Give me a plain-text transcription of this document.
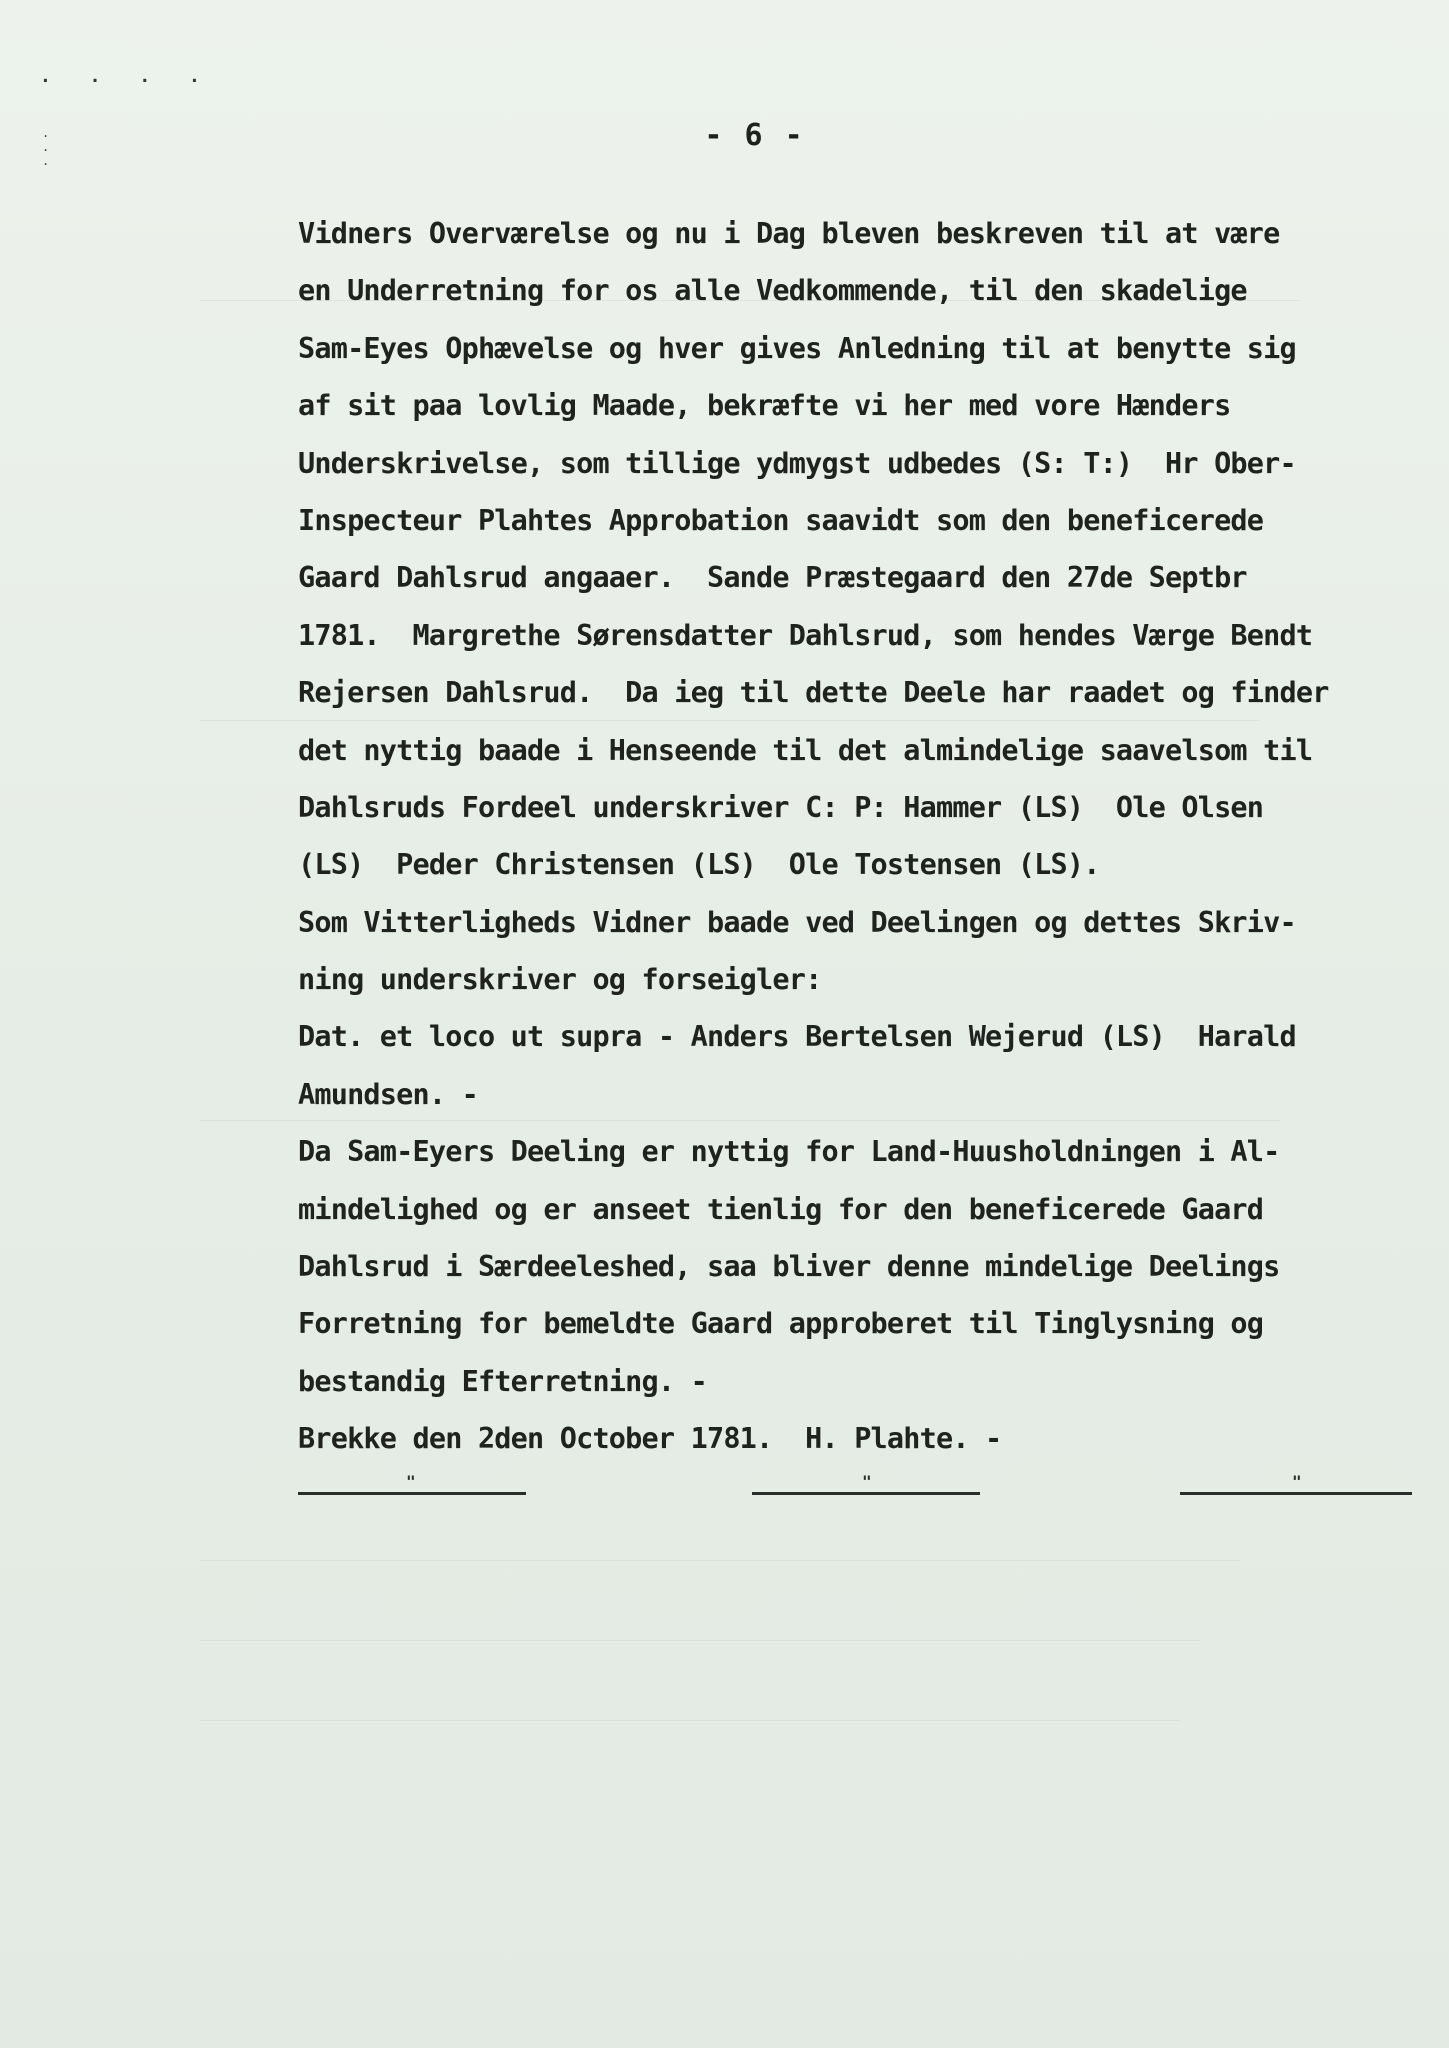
. . . .
.
.
.
- 6 -
Vidners Overværelse og nu i Dag bleven beskreven til at være
en Underretning for os alle Vedkommende, til den skadelige
Sam-Eyes Ophævelse og hver gives Anledning til at benytte sig
af sit paa lovlig Maade, bekræfte vi her med vore Hænders
Underskrivelse, som tillige ydmygst udbedes (S: T:)  Hr Ober-
Inspecteur Plahtes Approbation saavidt som den beneficerede
Gaard Dahlsrud angaaer.  Sande Præstegaard den 27de Septbr
1781.  Margrethe Sørensdatter Dahlsrud, som hendes Værge Bendt
Rejersen Dahlsrud.  Da ieg til dette Deele har raadet og finder
det nyttig baade i Henseende til det almindelige saavelsom til
Dahlsruds Fordeel underskriver C: P: Hammer (LS)  Ole Olsen
(LS)  Peder Christensen (LS)  Ole Tostensen (LS).
Som Vitterligheds Vidner baade ved Deelingen og dettes Skriv-
ning underskriver og forseigler:
Dat. et loco ut supra - Anders Bertelsen Wejerud (LS)  Harald
Amundsen. -
Da Sam-Eyers Deeling er nyttig for Land-Huusholdningen i Al-
mindelighed og er anseet tienlig for den beneficerede Gaard
Dahlsrud i Særdeeleshed, saa bliver denne mindelige Deelings
Forretning for bemeldte Gaard approberet til Tinglysning og
bestandig Efterretning. -
Brekke den 2den October 1781.  H. Plahte. -
"	"	"
